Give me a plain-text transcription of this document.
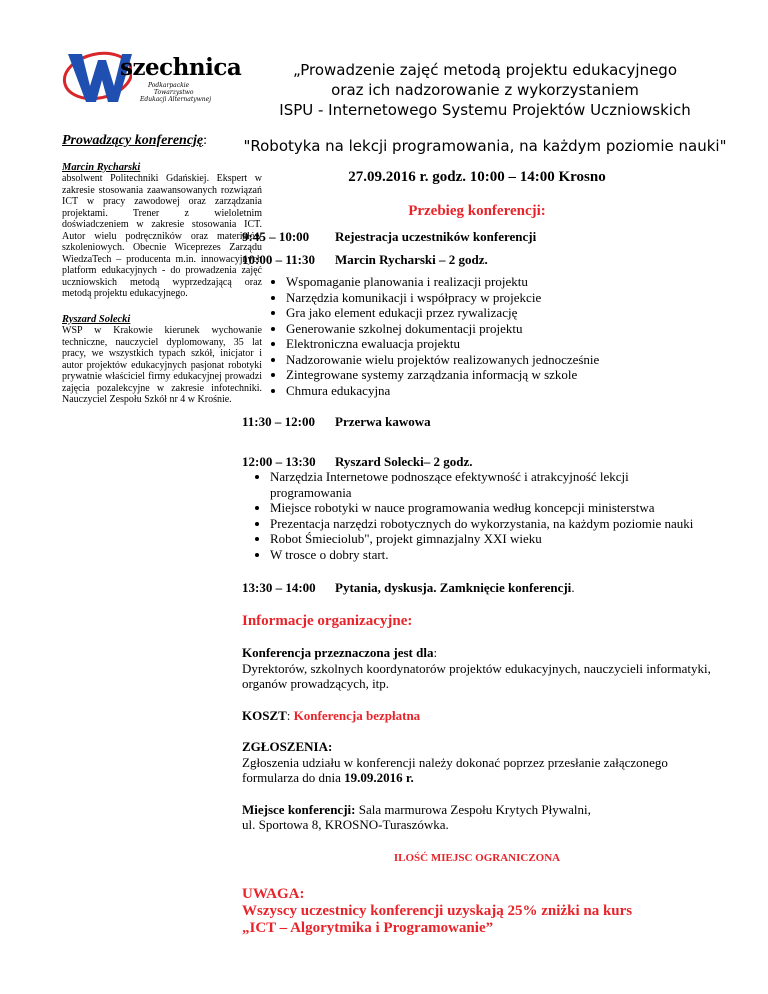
szechnica
Podkarpackie
Towarzystwo
Edukacji Alternatywnej
„Prowadzenie zajęć metodą projektu edukacyjnego
oraz ich nadzorowanie z wykorzystaniem
ISPU - Internetowego Systemu Projektów Uczniowskich
"Robotyka na lekcji programowania, na każdym poziomie nauki"
Prowadzący konferencję:
Marcin Rycharski

absolwent Politechniki Gdańskiej. Ekspert w zakresie stosowania zaawansowanych rozwiązań ICT w pracy zawodowej oraz zarządzania projektami. Trener z wieloletnim doświadczeniem w zakresie stosowania ICT. Autor wielu podręczników oraz materiałów szkoleniowych. Obecnie Wiceprezes Zarządu WiedzaTech – producenta m.in. innowacyjnych platform edukacyjnych - do prowadzenia zajęć uczniowskich metodą wyprzedzającą oraz metodą projektu edukacyjnego.

Ryszard Solecki

WSP w Krakowie kierunek wychowanie techniczne, nauczyciel dyplomowany, 35 lat pracy, we wszystkich typach szkół, inicjator i autor projektów edukacyjnych pasjonat robotyki prywatnie właściciel firmy edukacyjnej prowadzi zajęcia pozalekcyjne w zakresie infotechniki. Nauczyciel Zespołu Szkół nr 4 w Krośnie.

27.09.2016 r. godz. 10:00 – 14:00 Krosno
Przebieg konferencji:
9:45 – 10:00	Rejestracja uczestników konferencji
10:00 – 11:30	Marcin Rycharski – 2 godz.
• Wspomaganie planowania i realizacji projektu
• Narzędzia komunikacji i współpracy w projekcie
• Gra jako element edukacji przez rywalizację
• Generowanie szkolnej dokumentacji projektu
• Elektroniczna ewaluacja projektu
• Nadzorowanie wielu projektów realizowanych jednocześnie
• Zintegrowane systemy zarządzania informacją w szkole
• Chmura edukacyjna
11:30 – 12:00	Przerwa kawowa
12:00 – 13:30	Ryszard Solecki– 2 godz.
• Narzędzia Internetowe podnoszące efektywność i atrakcyjność lekcji programowania
• Miejsce robotyki w nauce programowania według koncepcji ministerstwa
• Prezentacja narzędzi robotycznych do wykorzystania, na każdym poziomie nauki
• Robot Śmieciolub", projekt gimnazjalny XXI wieku
• W trosce o dobry start.
13:30 – 14:00	Pytania, dyskusja. Zamknięcie konferencji.
Informacje organizacyjne:

Konferencja przeznaczona jest dla:

Dyrektorów, szkolnych koordynatorów projektów edukacyjnych, nauczycieli informatyki, organów prowadzących, itp.

KOSZT: Konferencja bezpłatna

ZGŁOSZENIA:

Zgłoszenia udziału w konferencji należy dokonać poprzez przesłanie załączonego formularza do dnia 19.09.2016 r.

Miejsce konferencji: Sala marmurowa Zespołu Krytych Pływalni,

ul. Sportowa 8, KROSNO-Turaszówka.

ILOŚĆ MIEJSC OGRANICZONA
UWAGA:
Wszyscy uczestnicy konferencji uzyskają 25% zniżki na kurs
„ICT – Algorytmika i Programowanie”
